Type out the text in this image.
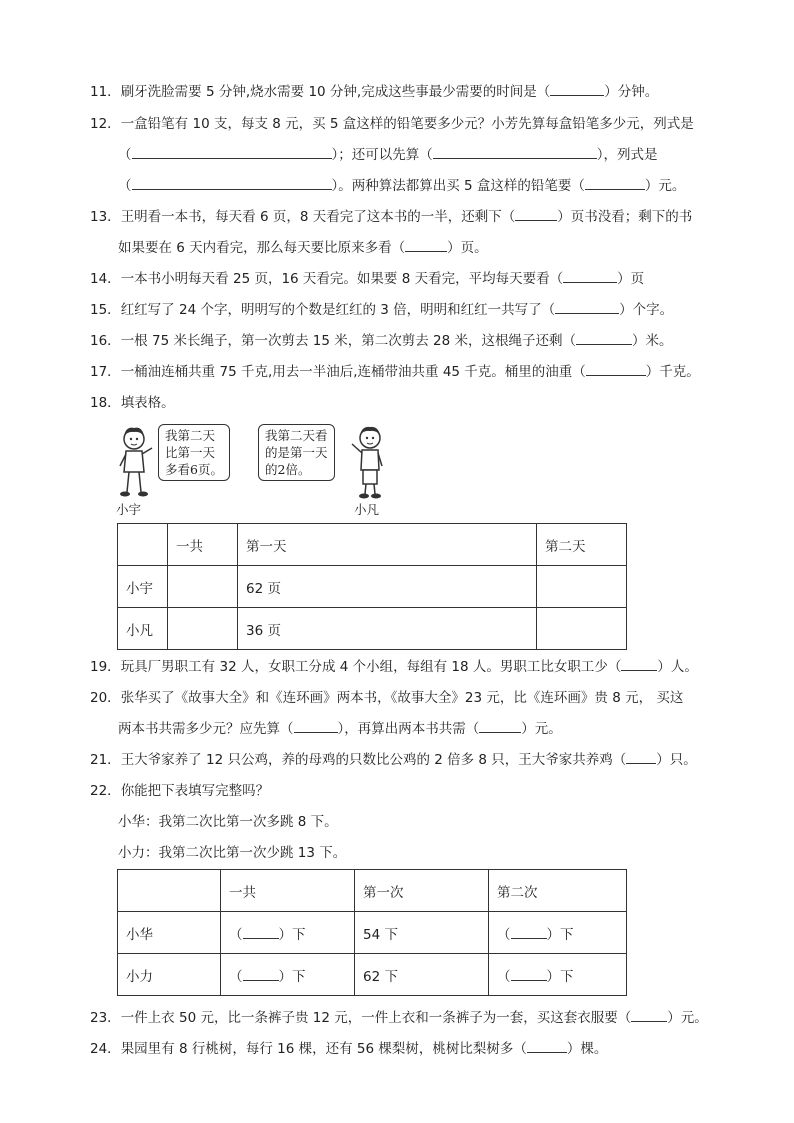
11．刷牙洗脸需要 5 分钟,烧水需要 10 分钟,完成这些事最少需要的时间是（	）分钟。
12．一盒铅笔有 10 支，每支 8 元，买 5 盒这样的铅笔要多少元？小芳先算每盒铅笔多少元，列式是
（	）；还可以先算（	），列式是
（	）。两种算法都算出买 5 盒这样的铅笔要（	）元。
13．王明看一本书，每天看 6 页，8 天看完了这本书的一半，还剩下（	）页书没看；剩下的书
如果要在 6 天内看完，那么每天要比原来多看（	）页。
14．一本书小明每天看 25 页，16 天看完。如果要 8 天看完，平均每天要看（	）页
15．红红写了 24 个字，明明写的个数是红红的 3 倍，明明和红红一共写了（	）个字。
16．一根 75 米长绳子，第一次剪去 15 米，第二次剪去 28 米，这根绳子还剩（	）米。
17．一桶油连桶共重 75 千克,用去一半油后,连桶带油共重 45 千克。桶里的油重（	）千克。
18．填表格。
我第二天
比第一天
多看6页。
小宇
我第二天看
的是第一天
的2倍。
小凡
	一共	第一天	第二天
小宇		62 页	
小凡		36 页	
19．玩具厂男职工有 32 人，女职工分成 4 个小组，每组有 18 人。男职工比女职工少（	）人。
20．张华买了《故事大全》和《连环画》两本书，《故事大全》23 元，比《连环画》贵 8 元， 买这
两本书共需多少元？应先算（	），再算出两本书共需（	）元。
21．王大爷家养了 12 只公鸡，养的母鸡的只数比公鸡的 2 倍多 8 只，王大爷家共养鸡（ ）只。
22．你能把下表填写完整吗？
小华：我第二次比第一次多跳 8 下。
小力：我第二次比第一次少跳 13 下。
	一共	第一次	第二次
小华	（ ）下	54 下	（ ）下
小力	（ ）下	62 下	（ ）下
23．一件上衣 50 元，比一条裤子贵 12 元，一件上衣和一条裤子为一套，买这套衣服要（	）元。
24．果园里有 8 行桃树，每行 16 棵，还有 56 棵梨树，桃树比梨树多（	）棵。
